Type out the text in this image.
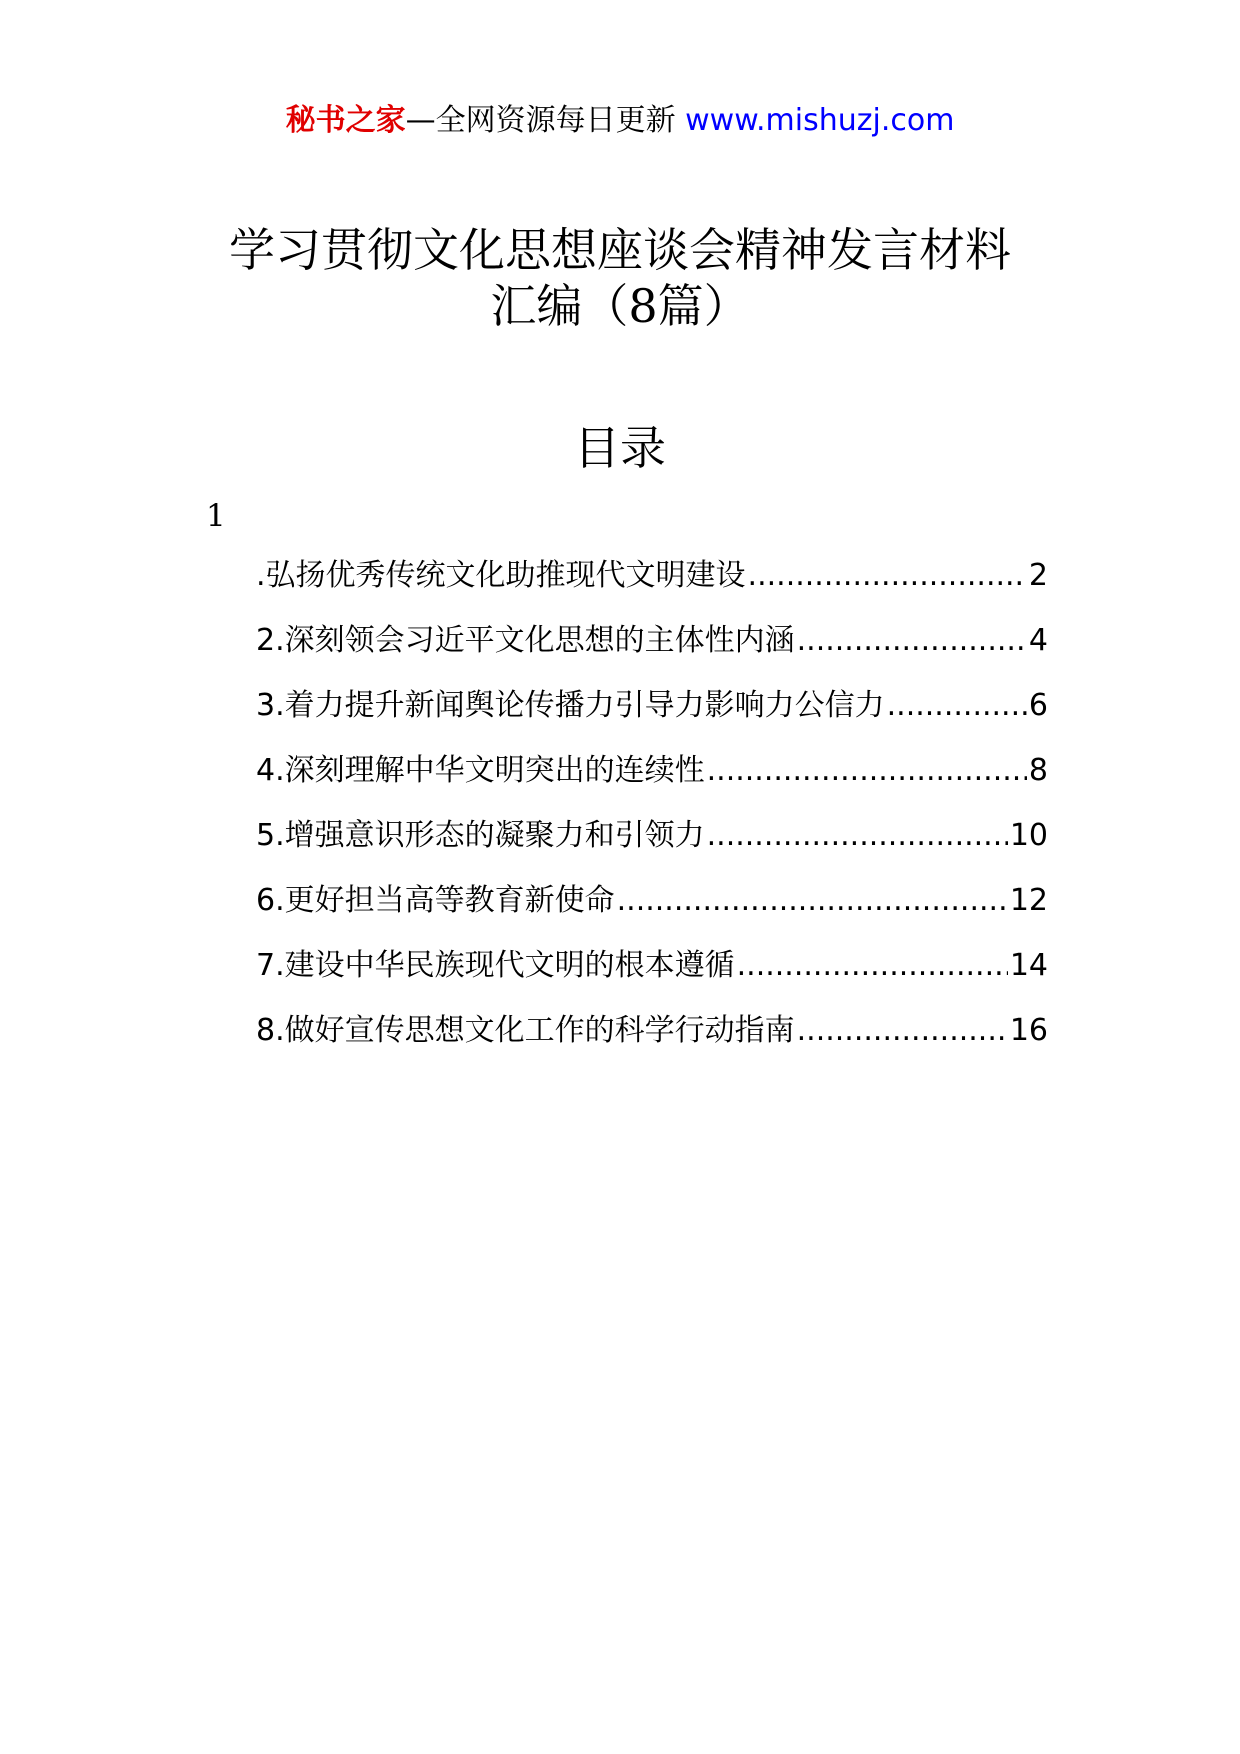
秘书之家—全网资源每日更新 www.mishuzj.com
学习贯彻文化思想座谈会精神发言材料
汇编（8篇）
目录
1
.弘扬优秀传统文化助推现代文明建设 .....	2
2.深刻领会习近平文化思想的主体性内涵 .....	4
3.着力提升新闻舆论传播力引导力影响力公信力 .....	6
4.深刻理解中华文明突出的连续性 .....	8
5.增强意识形态的凝聚力和引领力 .....	10
6.更好担当高等教育新使命 .....	12
7.建设中华民族现代文明的根本遵循 .....	14
8.做好宣传思想文化工作的科学行动指南 .....	16
